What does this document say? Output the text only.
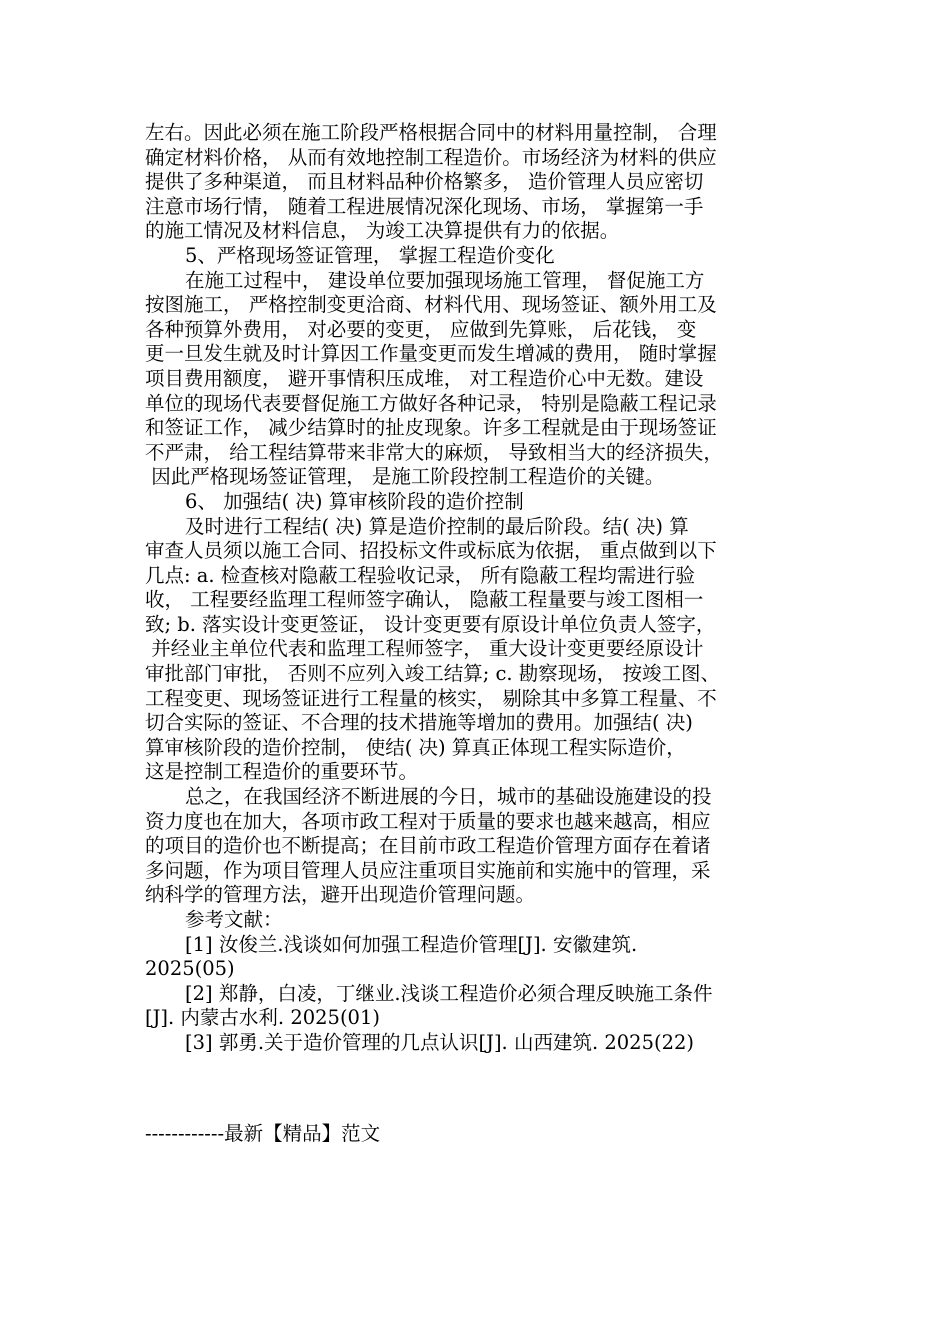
左右。因此必须在施工阶段严格根据合同中的材料用量控制， 合理
确定材料价格， 从而有效地控制工程造价。市场经济为材料的供应
提供了多种渠道， 而且材料品种价格繁多， 造价管理人员应密切
注意市场行情， 随着工程进展情况深化现场、市场， 掌握第一手
的施工情况及材料信息， 为竣工决算提供有力的依据。
5、严格现场签证管理， 掌握工程造价变化
在施工过程中， 建设单位要加强现场施工管理， 督促施工方
按图施工， 严格控制变更洽商、材料代用、现场签证、额外用工及
各种预算外费用， 对必要的变更， 应做到先算账， 后花钱， 变
更一旦发生就及时计算因工作量变更而发生增减的费用， 随时掌握
项目费用额度， 避开事情积压成堆， 对工程造价心中无数。建设
单位的现场代表要督促施工方做好各种记录， 特别是隐蔽工程记录
和签证工作， 减少结算时的扯皮现象。许多工程就是由于现场签证
不严肃， 给工程结算带来非常大的麻烦， 导致相当大的经济损失，
因此严格现场签证管理， 是施工阶段控制工程造价的关键。
6、 加强结( 决) 算审核阶段的造价控制
及时进行工程结( 决) 算是造价控制的最后阶段。结( 决) 算
审查人员须以施工合同、招投标文件或标底为依据， 重点做到以下
几点: a. 检查核对隐蔽工程验收记录， 所有隐蔽工程均需进行验
收， 工程要经监理工程师签字确认， 隐蔽工程量要与竣工图相一
致; b. 落实设计变更签证， 设计变更要有原设计单位负责人签字，
并经业主单位代表和监理工程师签字， 重大设计变更要经原设计
审批部门审批， 否则不应列入竣工结算; c. 勘察现场， 按竣工图、
工程变更、现场签证进行工程量的核实， 剔除其中多算工程量、不
切合实际的签证、不合理的技术措施等增加的费用。加强结( 决)
算审核阶段的造价控制， 使结( 决) 算真正体现工程实际造价，
这是控制工程造价的重要环节。
总之，在我国经济不断进展的今日，城市的基础设施建设的投
资力度也在加大，各项市政工程对于质量的要求也越来越高，相应
的项目的造价也不断提高；在目前市政工程造价管理方面存在着诸
多问题，作为项目管理人员应注重项目实施前和实施中的管理，采
纳科学的管理方法，避开出现造价管理问题。
参考文献：
[1] 汝俊兰.浅谈如何加强工程造价管理[J]. 安徽建筑.
2025(05)
[2] 郑静，白凌，丁继业.浅谈工程造价必须合理反映施工条件
[J]. 内蒙古水利. 2025(01)
[3] 郭勇.关于造价管理的几点认识[J]. 山西建筑. 2025(22)
------------最新【精品】范文
